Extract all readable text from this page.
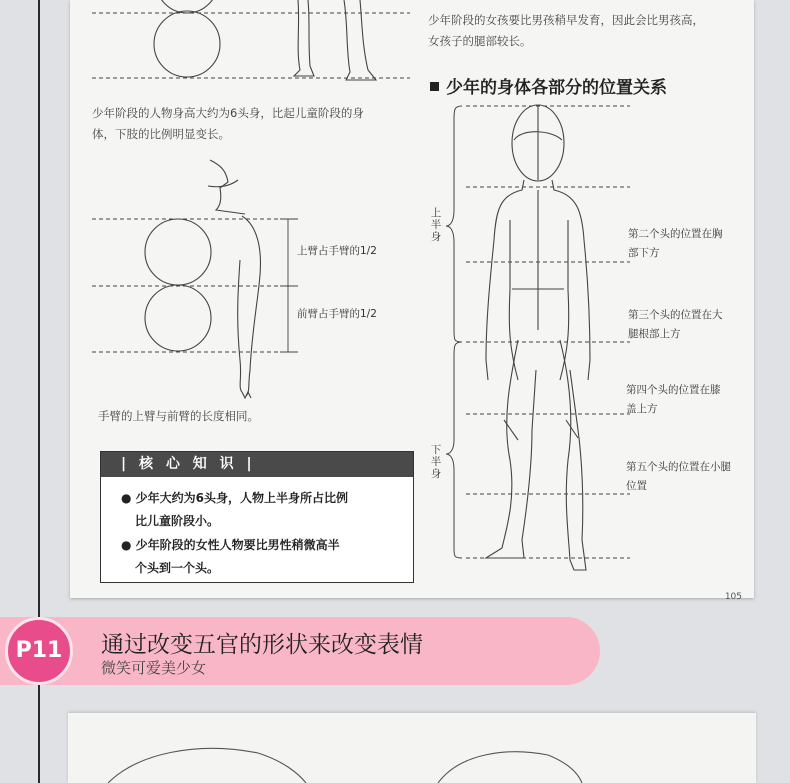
少年阶段的人物身高大约为6头身，比起儿童阶段的身
体，下肢的比例明显变长。
上臂占手臂的1/2
前臂占手臂的1/2
手臂的上臂与前臂的长度相同。
| 核 心 知 识 |
● 少年大约为6头身，人物上半身所占比例
比儿童阶段小。
● 少年阶段的女性人物要比男性稍微高半
个头到一个头。
少年阶段的女孩要比男孩稍早发育，因此会比男孩高，
女孩子的腿部较长。
少年的身体各部分的位置关系
上半身
下半身
第二个头的位置在胸
部下方
第三个头的位置在大
腿根部上方
第四个头的位置在膝
盖上方
第五个头的位置在小腿
位置
105
P11	通过改变五官的形状来改变表情
微笑可爱美少女
